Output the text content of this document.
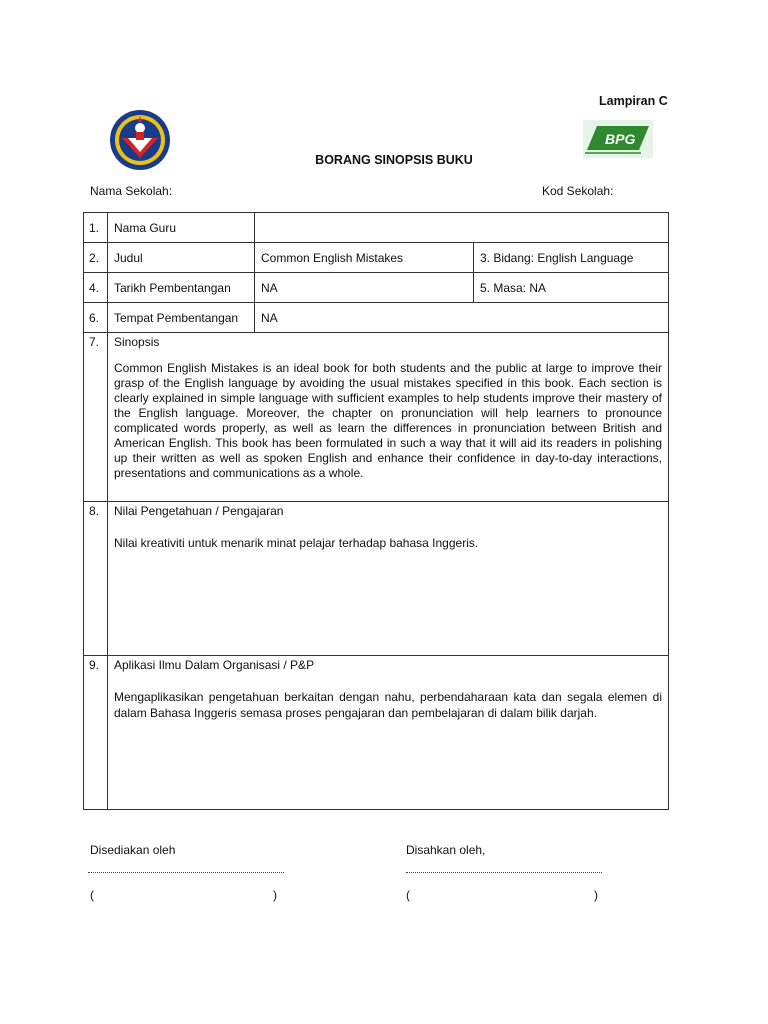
BPG
Lampiran C
BORANG SINOPSIS BUKU
Nama Sekolah:	Kod Sekolah:
1.	Nama Guru		
2.	Judul	Common English Mistakes	3. Bidang: English Language
4.	Tarikh Pembentangan	NA	5. Masa: NA
6.	Tempat Pembentangan	NA	
7.	Sinopsis

Common English Mistakes is an ideal book for both students and the public at large to improve their grasp of the English language by avoiding the usual mistakes specified in this book. Each section is clearly explained in simple language with sufficient examples to help students improve their mastery of the English language. Moreover, the chapter on pronunciation will help learners to pronounce complicated words properly, as well as learn the differences in pronunciation between British and American English. This book has been formulated in such a way that it will aid its readers in polishing up their written as well as spoken English and enhance their confidence in day-to-day interactions, presentations and communications as a whole.		

8.	Nilai Pengetahuan / Pengajaran

Nilai kreativiti untuk menarik minat pelajar terhadap bahasa Inggeris.		

9.	Aplikasi Ilmu Dalam Organisasi / P&P

Mengaplikasikan pengetahuan berkaitan dengan nahu, perbendaharaan kata dan segala elemen di dalam Bahasa Inggeris semasa proses pengajaran dan pembelajaran di dalam bilik darjah.		

Disediakan oleh	Disahkan oleh,
(	)	(	)
